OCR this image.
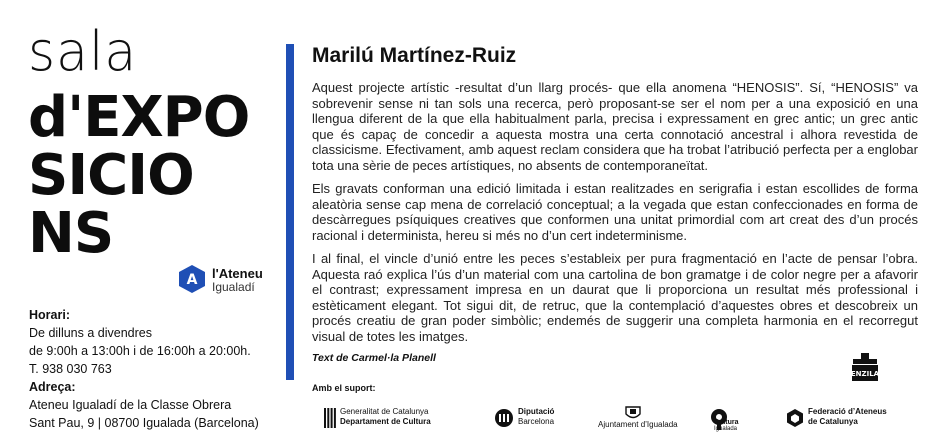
sala
d'EXPO
SICIO
NS
A l'Ateneu
Igualadí
Horari:
De dilluns a divendres
de 9:00h a 13:00h i de 16:00h a 20:00h.
T. 938 030 763
Adreça:
Ateneu Igualadí de la Classe Obrera
Sant Pau, 9 | 08700 Igualada (Barcelona)
Marilú Martínez-Ruiz
Aquest projecte artístic -resultat d’un llarg procés- que ella anomena “HENOSIS”. Sí, “HENOSIS” va sobrevenir sense ni tan sols una recerca, però proposant-se ser el nom per a una exposició en una llengua diferent de la que ella habitualment parla, precisa i expressament en grec antic; un grec antic que és capaç de concedir a aquesta mostra una certa connotació ancestral i alhora revestida de classicisme. Efectivament, amb aquest reclam considera que ha trobat l’atribució perfecta per a englobar tota una sèrie de peces artístiques, no absents de contemporaneïtat.
Els gravats conforman una edició limitada i estan realitzades en serigrafia i estan escollides de forma aleatòria sense cap mena de correlació conceptual; a la vegada que estan confeccionades en forma de descàrregues psíquiques creatives que conformen una unitat primordial com art creat des d’un procés racional i determinista, hereu si més no d’un cert indeterminisme.
I al final, el vincle d’unió entre les peces s’estableix per pura fragmentació en l’acte de pensar l’obra. Aquesta raó explica l’ús d’un material com una cartolina de bon gramatge i de color negre per a afavorir el contrast; expressament impresa en un daurat que li proporciona un resultat més professional i estèticament elegant. Tot sigui dit, de retruc, que la contemplació d’aquestes obres et descobreix un procés creatiu de gran poder simbòlic; endemés de suggerir una completa harmonia en el recorregut visual de totes les imatges.
Text de Carmel·la Planell
Amb el suport:
ENZILA
Generalitat de Catalunya
Departament de Cultura
Diputació
Barcelona	Ajuntament d’Igualada	Cultura
Igualada
Federació d’Ateneus
de Catalunya
